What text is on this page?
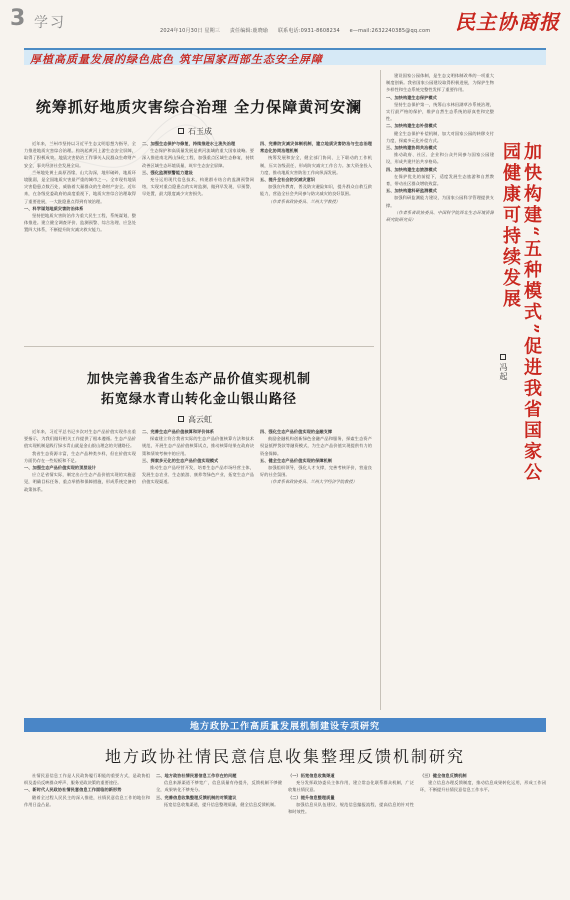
3 学习	2024年10月30日 星期三 责任编辑:鹿晓瑜 联系电话:0931-8608234 e—mail:2632240385@qq.com	民主协商报
厚植高质量发展的绿色底色 筑牢国家西部生态安全屏障
统筹抓好地质灾害综合治理 全力保障黄河安澜
石玉成

近年来，兰州市坚持以习近平生态文明思想为指导，全力推进地质灾害综合治理，构筑起黄河上游生态安全屏障，取得了积极成效。地质灾害防治工作事关人民群众生命财产安全，事关经济社会发展全局。

兰州地处黄土高原西缘，山大沟深，地形破碎，地质环境脆弱，是全国地质灾害最严重的城市之一。全市现有地质灾害隐患点数百处，威胁着大量群众的生命财产安全。近年来，在各级党委政府的高度重视下，地质灾害综合治理取得了重要进展，一大批隐患点得到有效治理。

一、科学谋划地质灾害防治体系

坚持把地质灾害防治作为重大民生工程，系统谋划，整体推进。建立健全调查评价、监测预警、综合治理、应急处置四大体系，不断提升防灾减灾救灾能力。

二、加强生态保护与修复，持续推进水土流失治理

生态保护和高质量发展是黄河流域的重大国家战略。要深入推进南北两山绿化工程，加强重点区域生态修复，持续改善区域生态环境质量，筑牢生态安全屏障。

三、强化监测预警能力建设

充分运用现代信息技术，构建群专结合的监测预警网络，实现对重点隐患点的实时监测，做到早发现、早预警、早处置，最大限度减少灾害损失。

四、完善防灾减灾体制机制，建立地质灾害防治与生态治理常态化协同治理机制

统筹发展和安全，健全部门协同、上下联动的工作机制，压实各级责任，形成防灾减灾工作合力。加大资金投入力度，推动地质灾害防治工作向纵深发展。

五、提升全社会防灾减灾意识

加强宣传教育，普及防灾避险知识，提升群众自救互救能力，营造全社会共同参与防灾减灾的良好氛围。

（作者系省政协委员、兰州大学教授）

加快完善我省生态产品价值实现机制
拓宽绿水青山转化金山银山路径
高云虹

近年来，习近平总书记多次对生态产品价值实现作出重要指示，为我们做好相关工作提供了根本遵循。生态产品价值实现机制是践行绿水青山就是金山银山理念的关键路径。

我省生态资源丰富，生态产品种类多样，但在价值实现方面仍存在一些短板和不足。

一、加强生态产品价值实现的顶层设计

应立足省情实际，制定出台生态产品价值实现的实施意见，明确目标任务、重点举措和保障措施，形成系统完备的政策体系。

二、完善生态产品价值核算和评价体系

探索建立符合我省实际的生态产品价值核算方法和技术规范，开展生态产品价值核算试点，推动核算结果在政府决策和绩效考核中的应用。

三、探索多元化的生态产品价值实现模式

推动生态产品经营开发，培育生态产品市场经营主体，发展生态农业、生态旅游、康养等绿色产业，拓宽生态产品价值实现渠道。

四、强化生态产品价值实现的金融支撑

鼓励金融机构创新绿色金融产品和服务，探索生态资产权益抵押贷款等融资模式，为生态产品价值实现提供有力的资金保障。

五、健全生态产品价值实现的保障机制

加强组织领导，强化人才支撑，完善考核评价，营造良好的社会氛围。

（作者系省政协委员、兰州大学经济学院教授）

建设国家公园体制，是生态文明体制改革的一项重大制度创新。我省国家公园建设取得积极进展，为保护生物多样性和生态系统完整性发挥了重要作用。

一、加快构建生态保护模式

坚持生态保护第一，统筹山水林田湖草沙系统治理，实行最严格的保护，维护自然生态系统的原真性和完整性。

二、加快构建生态补偿模式

健全生态保护补偿机制，加大对国家公园的转移支付力度，探索多元化补偿方式。

三、加快构建协同共治模式

推动政府、社区、企业和公众共同参与国家公园建设，形成共建共治共享格局。

四、加快构建生态旅游模式

在保护优先的前提下，适度发展生态旅游和自然教育，带动社区群众增收致富。

五、加快构建科研监测模式

加强科研监测能力建设，为国家公园科学管理提供支撑。

（作者系省政协委员、中国科学院西北生态环境资源研究院研究员）	加快构建“五种模式”促进我省国家公园健康可持续发展
冯起
地方政协工作高质量发展机制建设专项研究
地方政协社情民意信息收集整理反馈机制研究

社情民意信息工作是人民政协履行职能的重要方式，是政协组织及委员反映群众呼声、服务党政决策的重要途径。

一、新时代人民政协社情民意信息工作面临的新形势

随着全过程人民民主的深入推进，社情民意信息工作的地位和作用日益凸显。

二、地方政协社情民意信息工作存在的问题

信息来源渠道不够宽广，信息质量有待提升，反馈机制不够健全，成果转化不够充分。

三、完善信息收集整理反馈机制的对策建议

拓宽信息收集渠道，提升信息整理质量，健全信息反馈机制。

（一）拓宽信息收集渠道

充分发挥政协委员主体作用，建立常态化联系群众机制，广泛收集社情民意。

（二）提升信息整理质量

加强信息员队伍建设，规范信息编报流程，提高信息的针对性和时效性。

（三）健全信息反馈机制

建立信息办理反馈制度，推动信息成果转化运用，形成工作闭环，不断提升社情民意信息工作水平。
